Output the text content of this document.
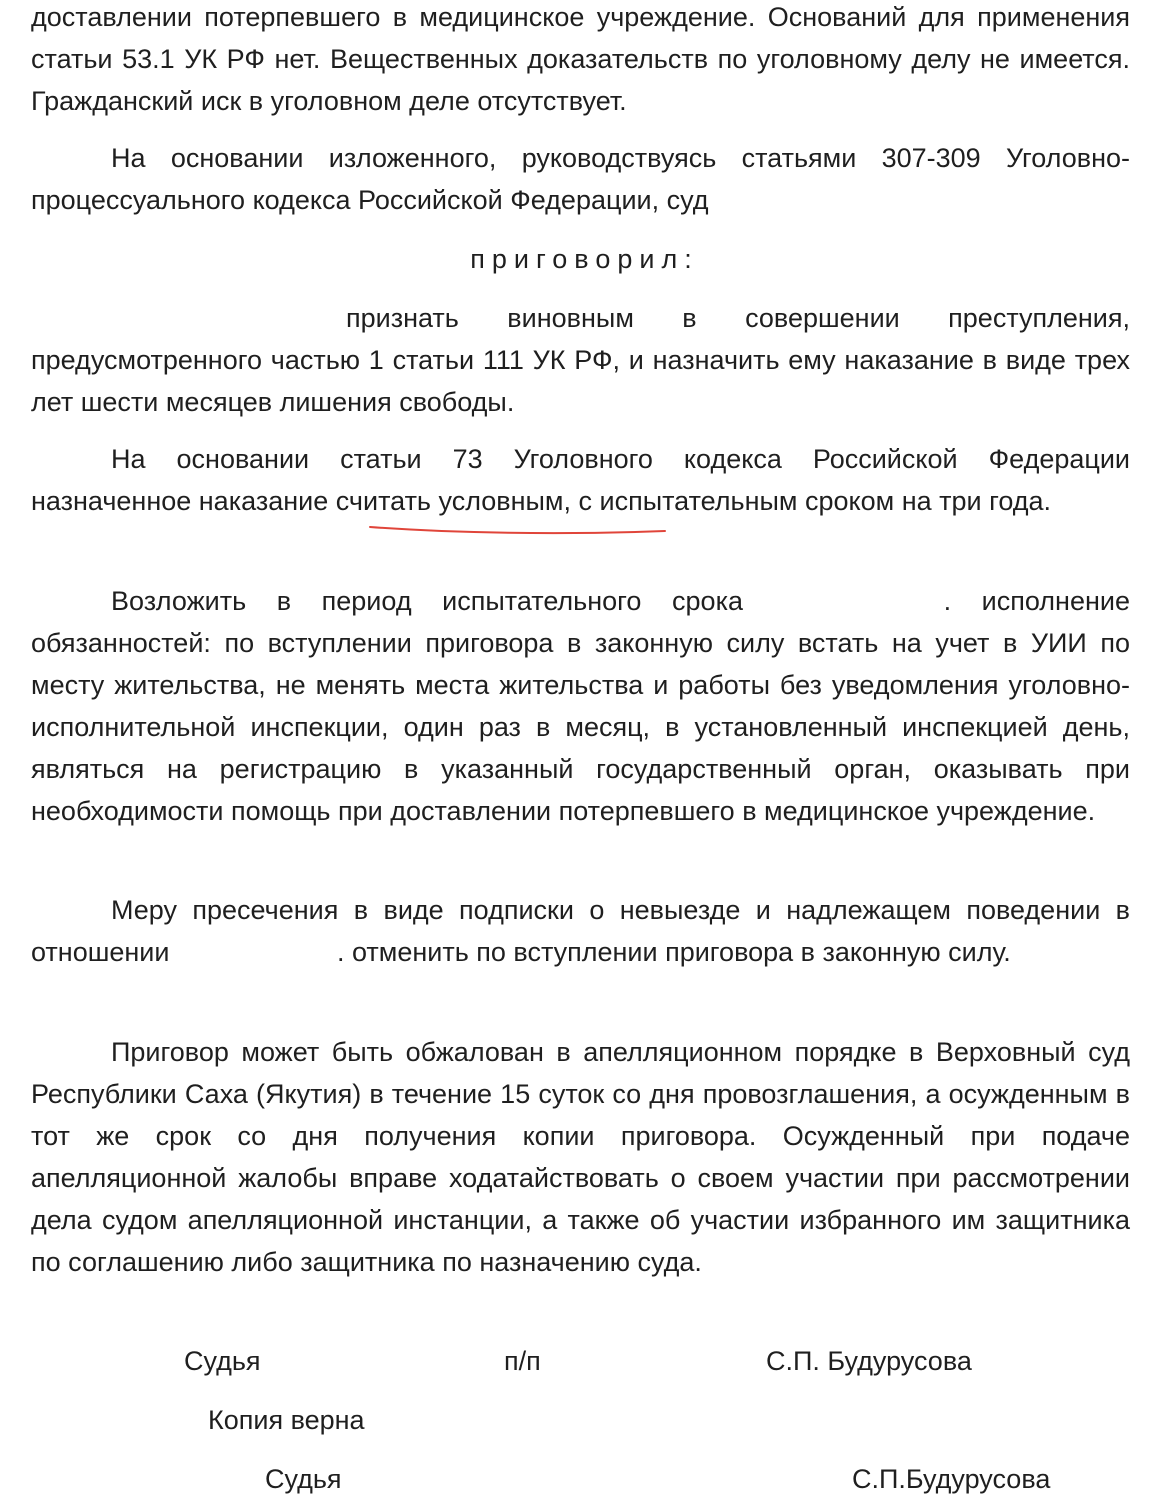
доставлении потерпевшего в медицинское учреждение. Оснований для применения статьи 53.1 УК РФ нет. Вещественных доказательств по уголовному делу не имеется. Гражданский иск в уголовном деле отсутствует.

На основании изложенного, руководствуясь статьями 307-309 Уголовно-процессуального кодекса Российской Федерации, суд

приговорил:

признать виновным в совершении преступления, предусмотренного частью 1 статьи 111 УК РФ, и назначить ему наказание в виде трех лет шести месяцев лишения свободы.

На основании статьи 73 Уголовного кодекса Российской Федерации назначенное наказание считать условным, с испытательным сроком на три года.

Возложить в период испытательного срока	. исполнение обязанностей: по вступлении приговора в законную силу встать на учет в УИИ по месту жительства, не менять места жительства и работы без уведомления уголовно-исполнительной инспекции, один раз в месяц, в установленный инспекцией день, являться на регистрацию в указанный государственный орган, оказывать при необходимости помощь при доставлении потерпевшего в медицинское учреждение.

Меру пресечения в виде подписки о невыезде и надлежащем поведении в отношении	. отменить по вступлении приговора в законную силу.

Приговор может быть обжалован в апелляционном порядке в Верховный суд Республики Саха (Якутия) в течение 15 суток со дня провозглашения, а осужденным в тот же срок со дня получения копии приговора. Осужденный при подаче апелляционной жалобы вправе ходатайствовать о своем участии при рассмотрении дела судом апелляционной инстанции, а также об участии избранного им защитника по соглашению либо защитника по назначению суда.

Судья	п/п	С.П. Будурусова
Копия верна
Судья	С.П.Будурусова
